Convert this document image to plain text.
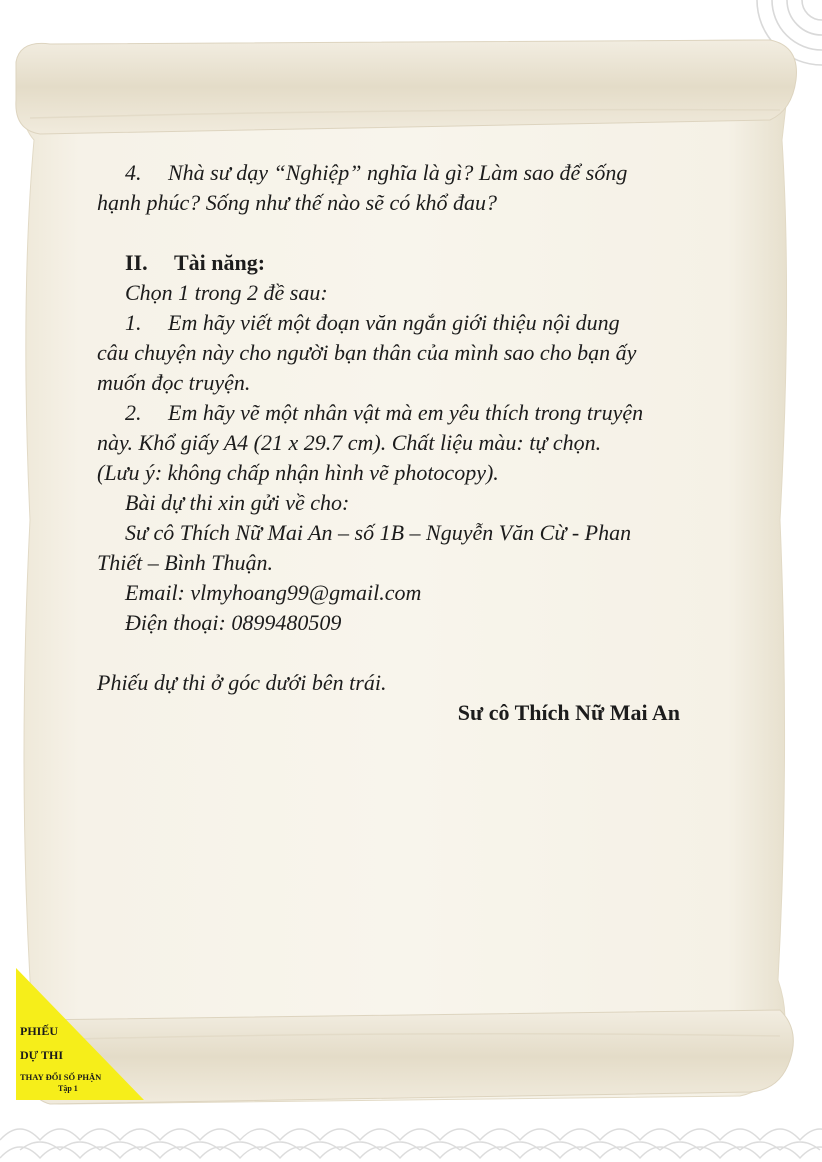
4. Nhà sư dạy “Nghiệp” nghĩa là gì? Làm sao để sống

hạnh phúc? Sống như thế nào sẽ có khổ đau?

II. Tài năng:

Chọn 1 trong 2 đề sau:

1. Em hãy viết một đoạn văn ngắn giới thiệu nội dung

câu chuyện này cho người bạn thân của mình sao cho bạn ấy

muốn đọc truyện.

2. Em hãy vẽ một nhân vật mà em yêu thích trong truyện

này. Khổ giấy A4 (21 x 29.7 cm). Chất liệu màu: tự chọn.

(Lưu ý: không chấp nhận hình vẽ photocopy).

Bài dự thi xin gửi về cho:

Sư cô Thích Nữ Mai An – số 1B – Nguyễn Văn Cừ - Phan

Thiết – Bình Thuận.

Email: vlmyhoang99@gmail.com

Điện thoại: 0899480509

Phiếu dự thi ở góc dưới bên trái.

Sư cô Thích Nữ Mai An

PHIẾU
DỰ THI
THAY ĐỔI SỐ PHẬN
Tập 1
